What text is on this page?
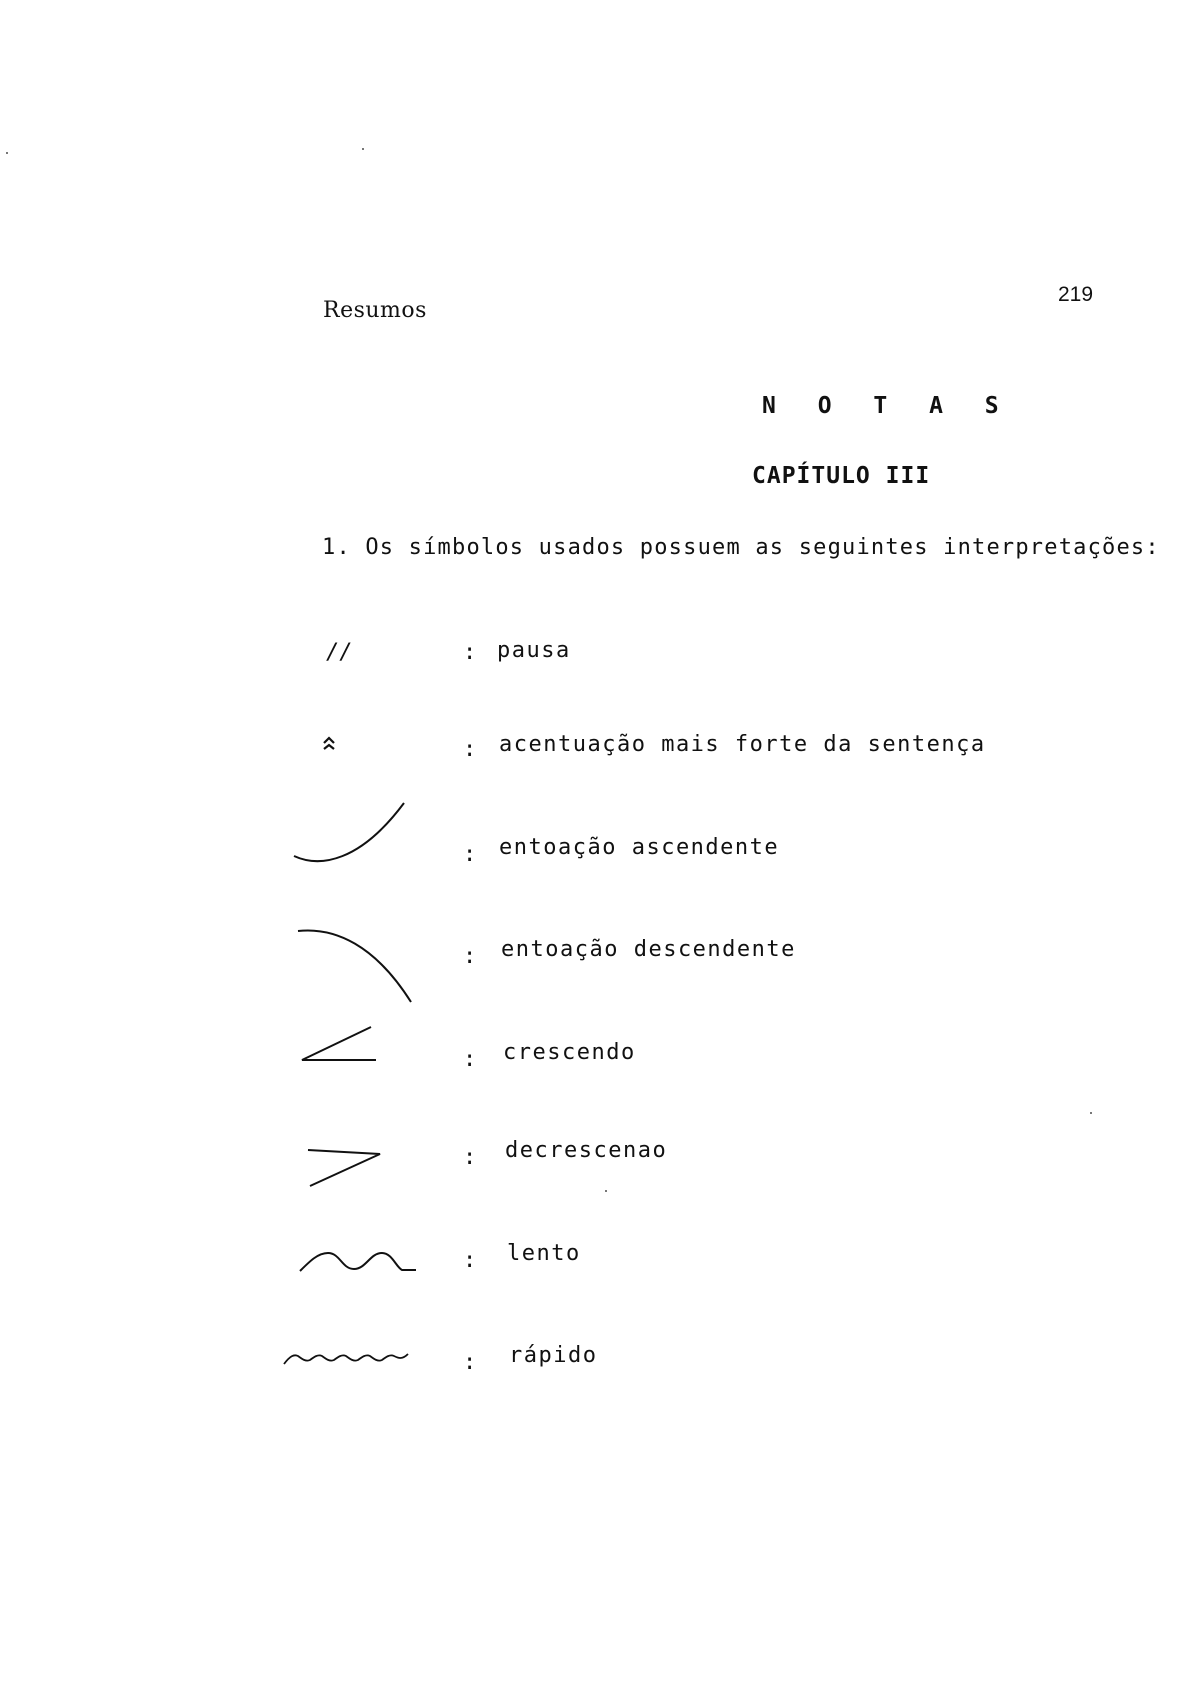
Resumos
219
N O T A S
CAPÍTULO III
1. Os símbolos usados possuem as seguintes interpretações:
//	: pausa
: acentuação mais forte da sentença
: entoação ascendente
: entoação descendente
: crescendo
: decrescenao
: lento
: rápido
